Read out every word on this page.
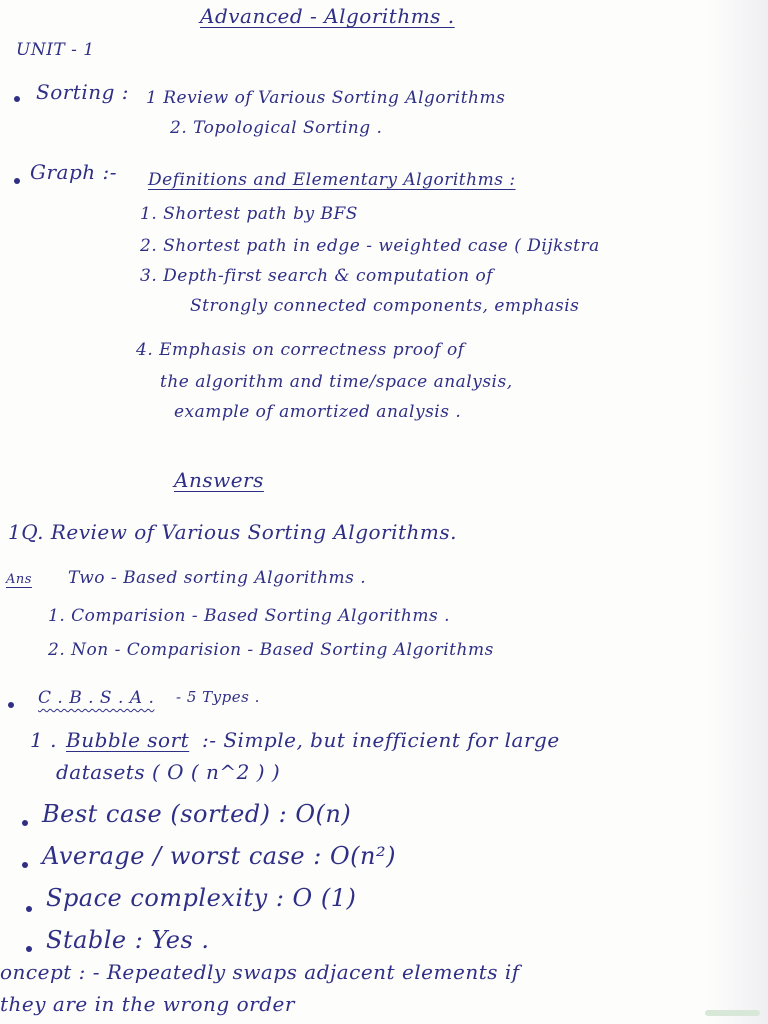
Advanced - Algorithms .
UNIT - 1
Sorting : 1 Review of Various Sorting Algorithms
2. Topological Sorting .
Graph :- Definitions and Elementary Algorithms :
1. Shortest path by BFS
2. Shortest path in edge - weighted case ( Dijkstra
3. Depth-first search & computation of
Strongly connected components, emphasis
4. Emphasis on correctness proof of
the algorithm and time/space analysis,
example of amortized analysis .
Answers
1Q. Review of Various Sorting Algorithms.
Ans Two - Based sorting Algorithms .
1. Comparision - Based Sorting Algorithms .
2. Non - Comparision - Based Sorting Algorithms
C . B . S . A . - 5 Types .
1 . Bubble sort :- Simple, but inefficient for large
datasets ( O ( n^2 ) )
Best case (sorted) : O(n)
Average / worst case : O(n²)
Space complexity : O (1)
Stable : Yes .
oncept : - Repeatedly swaps adjacent elements if
they are in the wrong order
